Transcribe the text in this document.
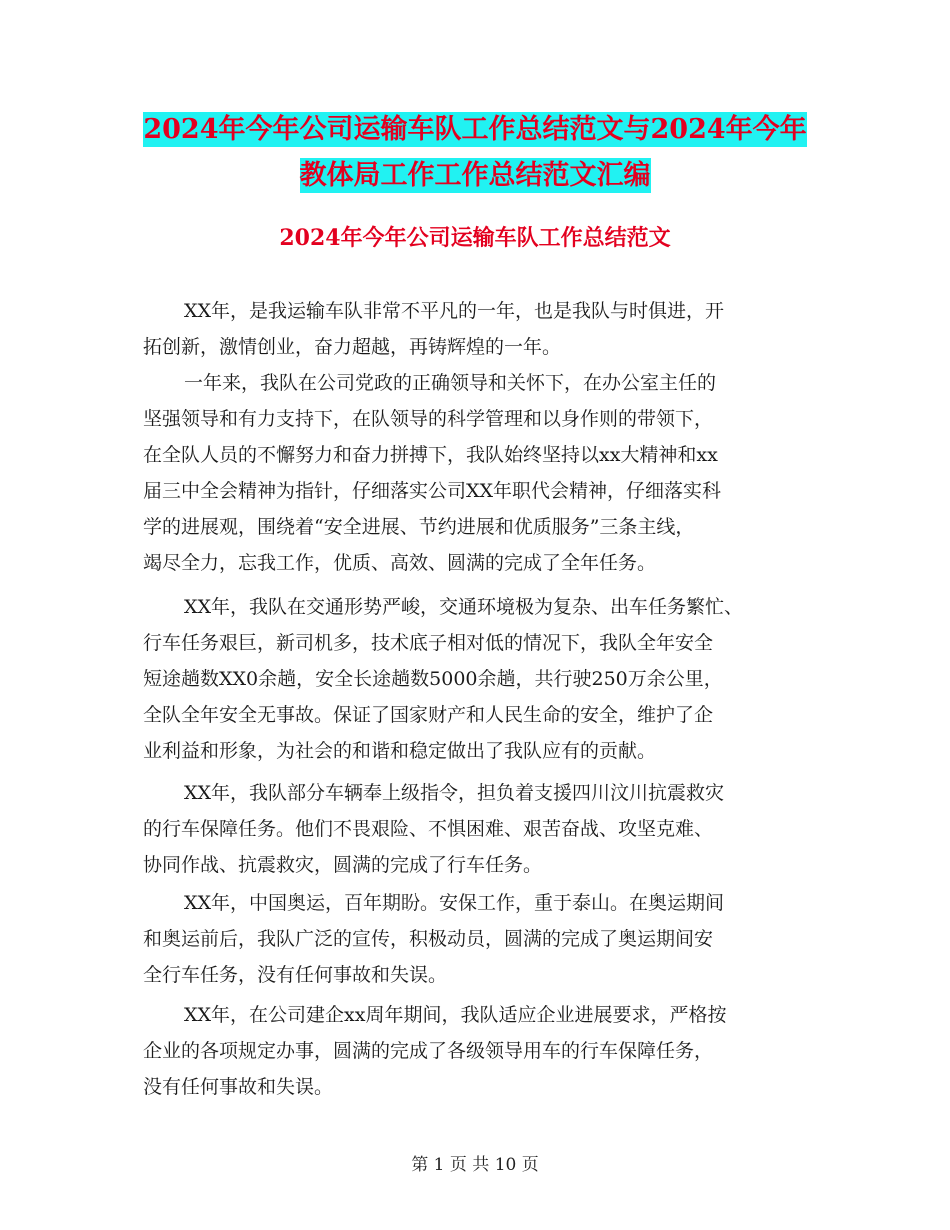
2024年今年公司运输车队工作总结范文与2024年今年
教体局工作工作总结范文汇编
2024年今年公司运输车队工作总结范文
XX年，是我运输车队非常不平凡的一年，也是我队与时俱进，开
拓创新，激情创业，奋力超越，再铸辉煌的一年。
一年来，我队在公司党政的正确领导和关怀下，在办公室主任的
坚强领导和有力支持下，在队领导的科学管理和以身作则的带领下，
在全队人员的不懈努力和奋力拼搏下，我队始终坚持以xx大精神和xx
届三中全会精神为指针，仔细落实公司XX年职代会精神，仔细落实科
学的进展观，围绕着“安全进展、节约进展和优质服务”三条主线，
竭尽全力，忘我工作，优质、高效、圆满的完成了全年任务。
XX年，我队在交通形势严峻，交通环境极为复杂、出车任务繁忙、
行车任务艰巨，新司机多，技术底子相对低的情况下，我队全年安全
短途趟数XX0余趟，安全长途趟数5000余趟，共行驶250万余公里，
全队全年安全无事故。保证了国家财产和人民生命的安全，维护了企
业利益和形象，为社会的和谐和稳定做出了我队应有的贡献。
XX年，我队部分车辆奉上级指令，担负着支援四川汶川抗震救灾
的行车保障任务。他们不畏艰险、不惧困难、艰苦奋战、攻坚克难、
协同作战、抗震救灾，圆满的完成了行车任务。
XX年，中国奥运，百年期盼。安保工作，重于泰山。在奥运期间
和奥运前后，我队广泛的宣传，积极动员，圆满的完成了奥运期间安
全行车任务，没有任何事故和失误。
XX年，在公司建企xx周年期间，我队适应企业进展要求，严格按
企业的各项规定办事，圆满的完成了各级领导用车的行车保障任务，
没有任何事故和失误。
第 1 页 共 10 页
